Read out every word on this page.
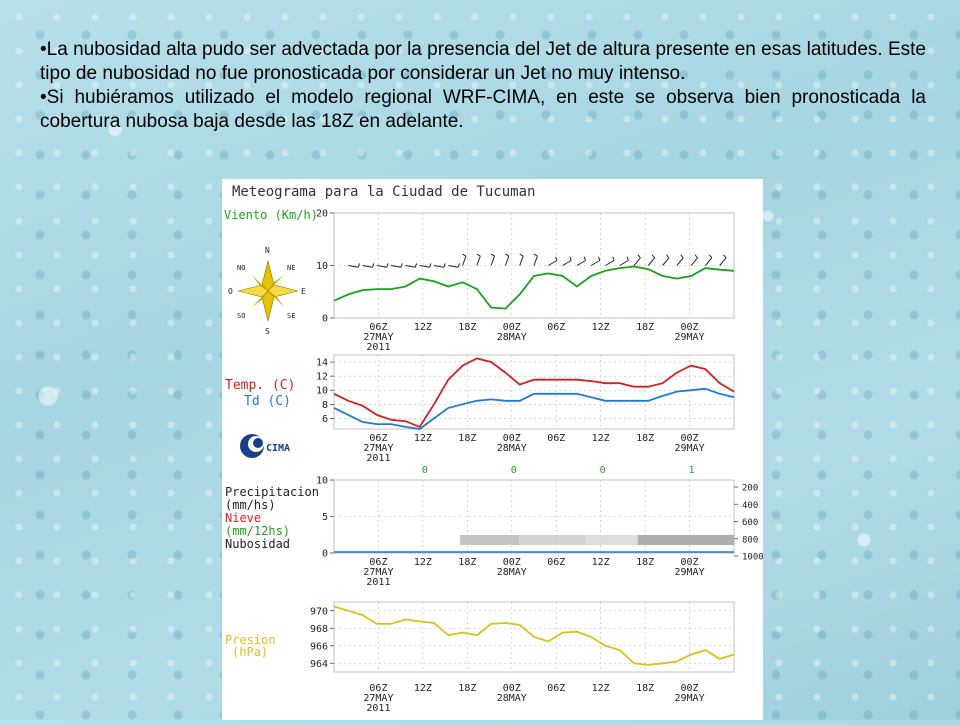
•La nubosidad alta pudo ser advectada por la presencia del Jet de altura presente en esas latitudes. Este tipo de nubosidad no fue pronosticada por considerar un Jet no muy intenso.

•Si hubiéramos utilizado el modelo regional WRF-CIMA, en este se observa bien pronosticada la cobertura nubosa baja desde las 18Z en adelante.

Meteograma para la Ciudad de Tucuman
Viento (Km/h)
Temp. (C)
Td (C)
Precipitacion
(mm/hs)
Nieve
(mm/12hs)
Nubosidad
Presion
(hPa)
N
NE
E
SE
S
SO
O
NO
CIMA
0
10
20
06Z	12Z	18Z	00Z	06Z	12Z	18Z	00Z
27MAY	28MAY	29MAY
2011
6
8
10
12
14
06Z	12Z	18Z	00Z	06Z	12Z	18Z	00Z
27MAY	28MAY	29MAY
2011
0
5
10
06Z	12Z	18Z	00Z	06Z	12Z	18Z	00Z
27MAY	28MAY	29MAY
2011
964
966
968
970
06Z	12Z	18Z	00Z	06Z	12Z	18Z	00Z
27MAY	28MAY	29MAY
2011
200
400
600
800
1000
0	0	0	1
